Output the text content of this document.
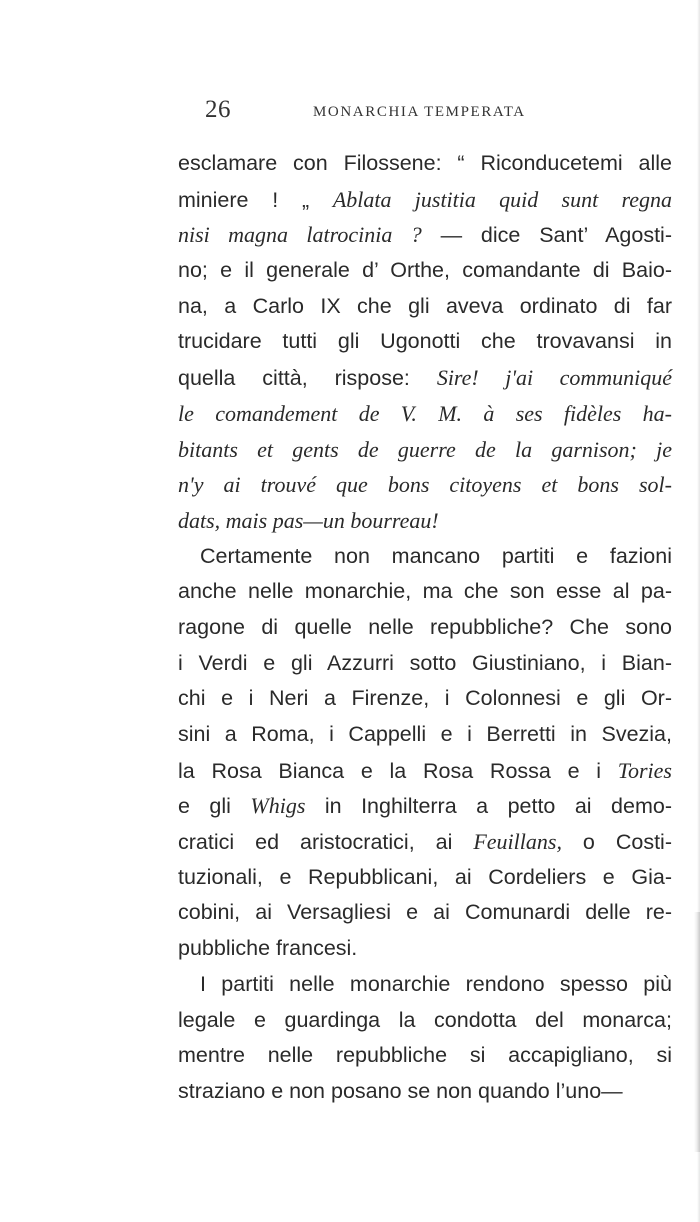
26	MONARCHIA TEMPERATA
esclamare con Filossene: “ Riconducetemi alle
miniere ! „ Ablata justitia quid sunt regna
nisi magna latrocinia ? — dice Sant’ Agosti-
no; e il generale d’ Orthe, comandante di Baio-
na, a Carlo IX che gli aveva ordinato di far
trucidare tutti gli Ugonotti che trovavansi in
quella città, rispose: Sire! j'ai communiqué
le comandement de V. M. à ses fidèles ha-
bitants et gents de guerre de la garnison; je
n'y ai trouvé que bons citoyens et bons sol-
dats, mais pas—un bourreau!
Certamente non mancano partiti e fazioni
anche nelle monarchie, ma che son esse al pa-
ragone di quelle nelle repubbliche? Che sono
i Verdi e gli Azzurri sotto Giustiniano, i Bian-
chi e i Neri a Firenze, i Colonnesi e gli Or-
sini a Roma, i Cappelli e i Berretti in Svezia,
la Rosa Bianca e la Rosa Rossa e i Tories
e gli Whigs in Inghilterra a petto ai demo-
cratici ed aristocratici, ai Feuillans, o Costi-
tuzionali, e Repubblicani, ai Cordeliers e Gia-
cobini, ai Versagliesi e ai Comunardi delle re-
pubbliche francesi.
I partiti nelle monarchie rendono spesso più
legale e guardinga la condotta del monarca;
mentre nelle repubbliche si accapigliano, si
straziano e non posano se non quando l’uno—
